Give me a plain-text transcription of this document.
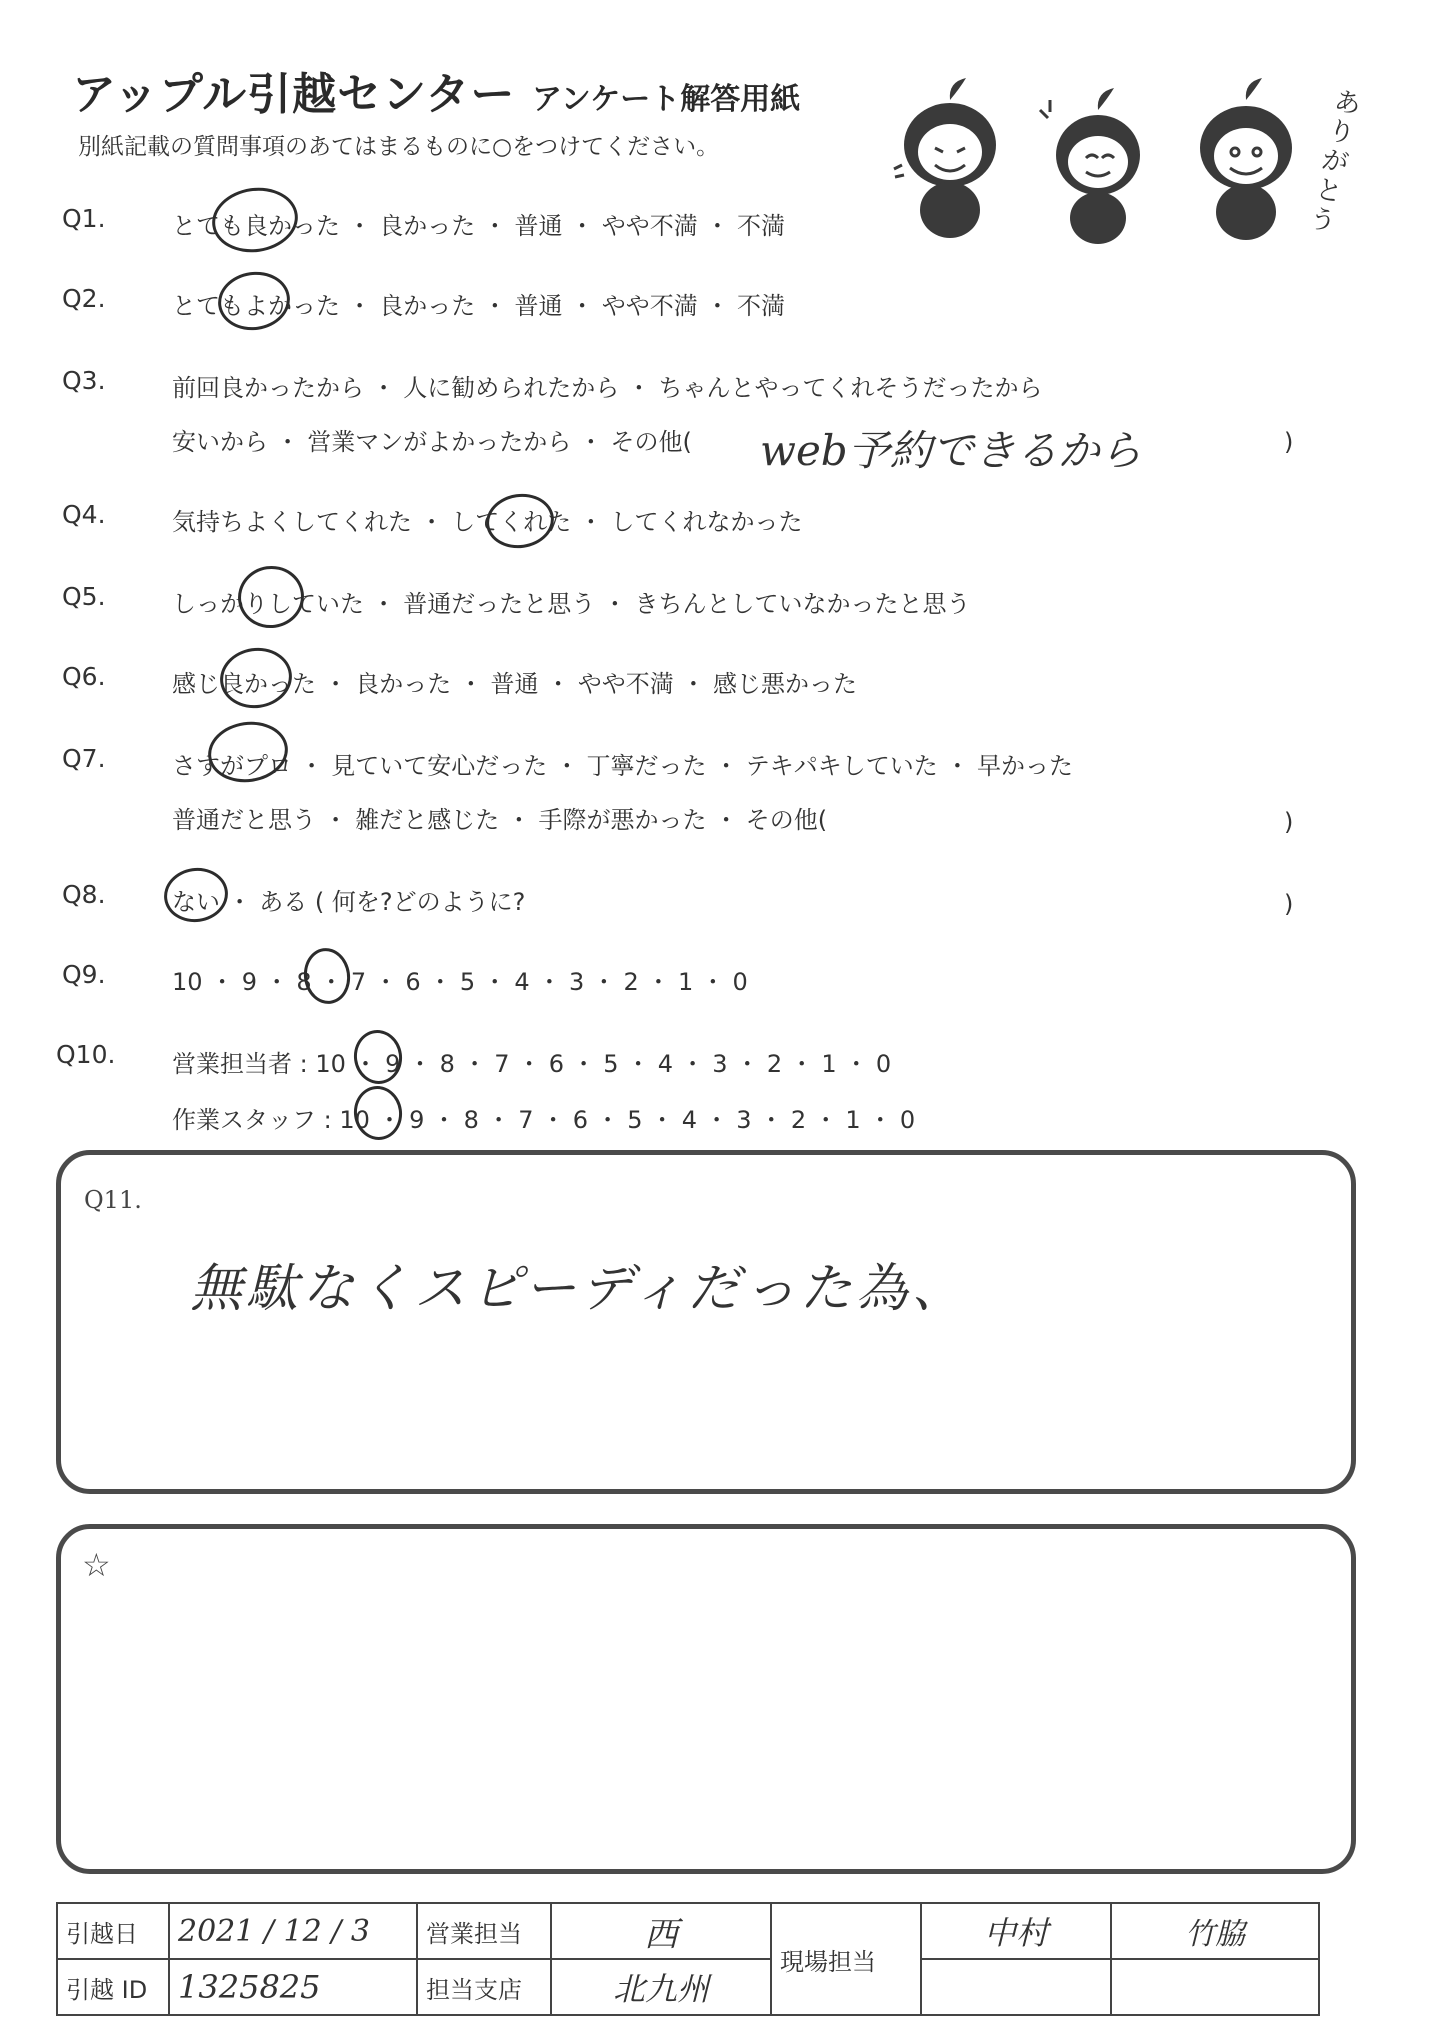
アップル引越センター アンケート解答用紙
別紙記載の質問事項のあてはまるものに○をつけてください。
ありがとう
Q1.	とても良かった ・ 良かった ・ 普通 ・ やや不満 ・ 不満
Q2.	とてもよかった ・ 良かった ・ 普通 ・ やや不満 ・ 不満
Q3.	前回良かったから ・ 人に勧められたから ・ ちゃんとやってくれそうだったから
安いから ・ 営業マンがよかったから ・ その他( web予約できるから	)
Q4.	気持ちよくしてくれた ・ してくれた ・ してくれなかった
Q5.	しっかりしていた ・ 普通だったと思う ・ きちんとしていなかったと思う
Q6.	感じ良かった ・ 良かった ・ 普通 ・ やや不満 ・ 感じ悪かった
Q7.	さすがプロ ・ 見ていて安心だった ・ 丁寧だった ・ テキパキしていた ・ 早かった
普通だと思う ・ 雑だと感じた ・ 手際が悪かった ・ その他(	)
Q8.	ない ・ ある ( 何を?どのように?	)
Q9.	10 ・ 9 ・ 8 ・ 7 ・ 6 ・ 5 ・ 4 ・ 3 ・ 2 ・ 1 ・ 0
Q10. 営業担当者 : 10 ・ 9 ・ 8 ・ 7 ・ 6 ・ 5 ・ 4 ・ 3 ・ 2 ・ 1 ・ 0
作業スタッフ : 10 ・ 9 ・ 8 ・ 7 ・ 6 ・ 5 ・ 4 ・ 3 ・ 2 ・ 1 ・ 0
Q11.
無駄なくスピーディだった為、
☆
引越日	2021 / 12 / 3	営業担当	西	現場担当	中村	竹脇
引越 ID	1325825	担当支店	北九州			
